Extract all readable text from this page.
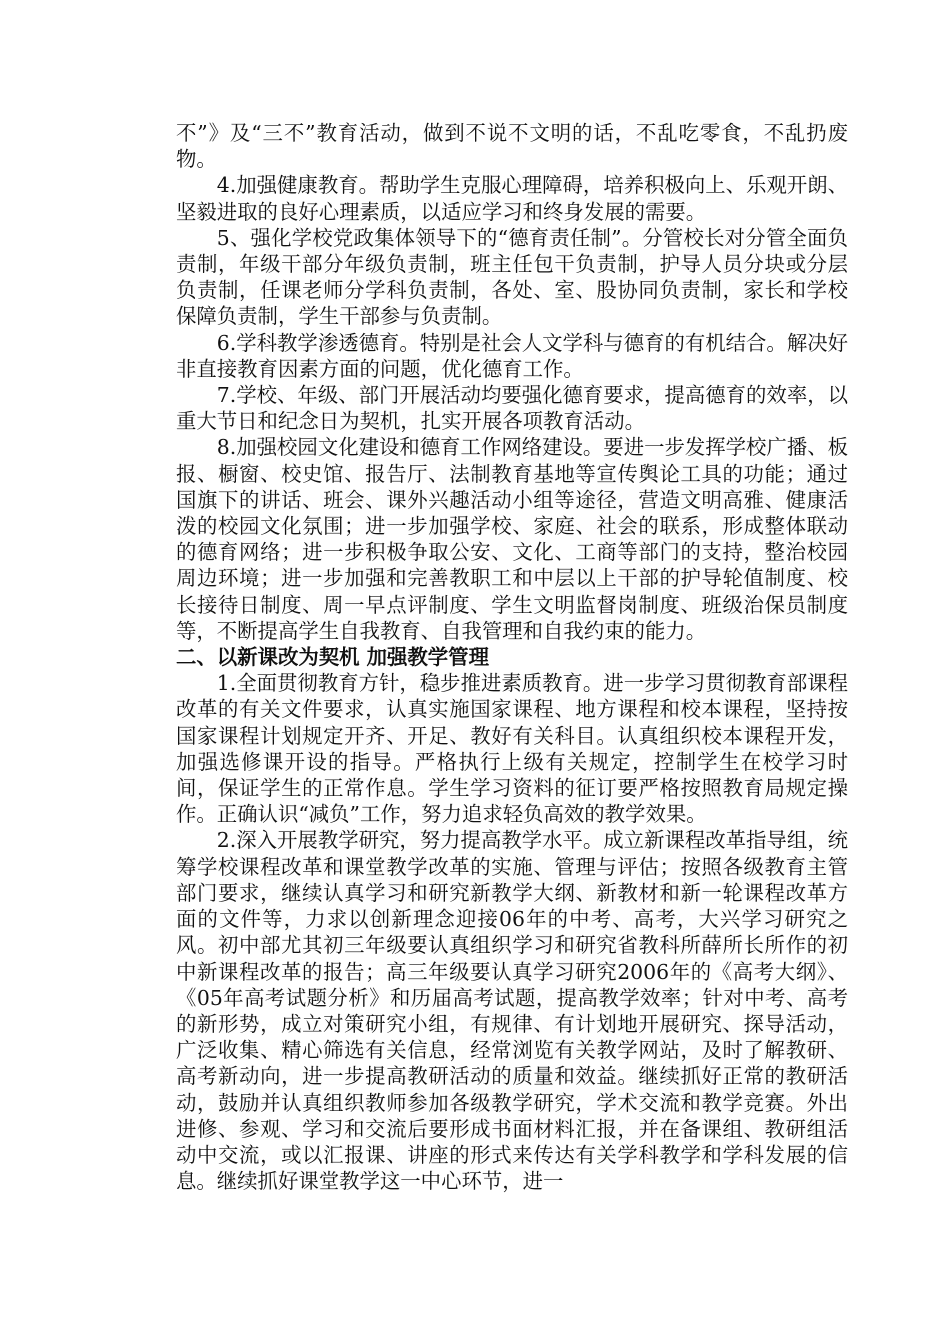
不”》及“三不”教育活动，做到不说不文明的话，不乱吃零食，不乱扔废物。

4.加强健康教育。帮助学生克服心理障碍，培养积极向上、乐观开朗、坚毅进取的良好心理素质，以适应学习和终身发展的需要。

5、强化学校党政集体领导下的“德育责任制”。分管校长对分管全面负责制，年级干部分年级负责制，班主任包干负责制，护导人员分块或分层负责制，任课老师分学科负责制，各处、室、股协同负责制，家长和学校保障负责制，学生干部参与负责制。

6.学科教学渗透德育。特别是社会人文学科与德育的有机结合。解决好非直接教育因素方面的问题，优化德育工作。

7.学校、年级、部门开展活动均要强化德育要求，提高德育的效率，以重大节日和纪念日为契机，扎实开展各项教育活动。

8.加强校园文化建设和德育工作网络建设。要进一步发挥学校广播、板报、橱窗、校史馆、报告厅、法制教育基地等宣传舆论工具的功能；通过国旗下的讲话、班会、课外兴趣活动小组等途径，营造文明高雅、健康活泼的校园文化氛围；进一步加强学校、家庭、社会的联系，形成整体联动的德育网络；进一步积极争取公安、文化、工商等部门的支持，整治校园周边环境；进一步加强和完善教职工和中层以上干部的护导轮值制度、校长接待日制度、周一早点评制度、学生文明监督岗制度、班级治保员制度等，不断提高学生自我教育、自我管理和自我约束的能力。

二、以新课改为契机 加强教学管理

1.全面贯彻教育方针，稳步推进素质教育。进一步学习贯彻教育部课程改革的有关文件要求，认真实施国家课程、地方课程和校本课程，坚持按国家课程计划规定开齐、开足、教好有关科目。认真组织校本课程开发，加强选修课开设的指导。严格执行上级有关规定，控制学生在校学习时间，保证学生的正常作息。学生学习资料的征订要严格按照教育局规定操作。正确认识“减负”工作，努力追求轻负高效的教学效果。

2.深入开展教学研究，努力提高教学水平。成立新课程改革指导组，统筹学校课程改革和课堂教学改革的实施、管理与评估；按照各级教育主管部门要求，继续认真学习和研究新教学大纲、新教材和新一轮课程改革方面的文件等，力求以创新理念迎接06年的中考、高考，大兴学习研究之风。初中部尤其初三年级要认真组织学习和研究省教科所薛所长所作的初中新课程改革的报告；高三年级要认真学习研究2006年的《高考大纲》、《05年高考试题分析》和历届高考试题，提高教学效率；针对中考、高考的新形势，成立对策研究小组，有规律、有计划地开展研究、探导活动，广泛收集、精心筛选有关信息，经常浏览有关教学网站，及时了解教研、高考新动向，进一步提高教研活动的质量和效益。继续抓好正常的教研活动，鼓励并认真组织教师参加各级教学研究，学术交流和教学竞赛。外出进修、参观、学习和交流后要形成书面材料汇报，并在备课组、教研组活动中交流，或以汇报课、讲座的形式来传达有关学科教学和学科发展的信息。继续抓好课堂教学这一中心环节，进一
